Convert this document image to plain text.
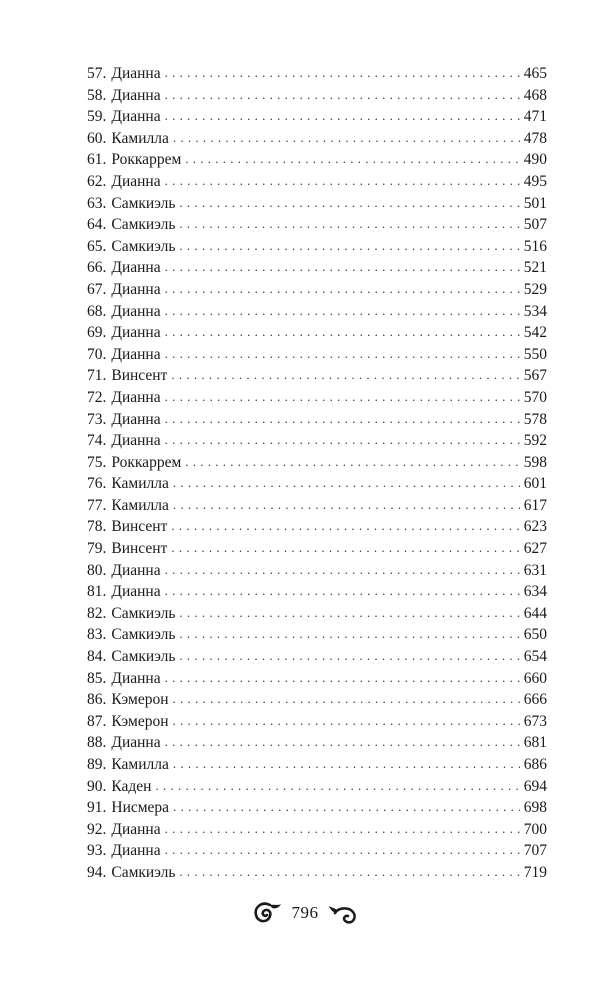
57. Дианна . . .	465
58. Дианна . . .	468
59. Дианна . . .	471
60. Камилла . . .	478
61. Роккаррем . . .	490
62. Дианна . . .	495
63. Самкиэль . . .	501
64. Самкиэль . . .	507
65. Самкиэль . . .	516
66. Дианна . . .	521
67. Дианна . . .	529
68. Дианна . . .	534
69. Дианна . . .	542
70. Дианна . . .	550
71. Винсент . . .	567
72. Дианна . . .	570
73. Дианна . . .	578
74. Дианна . . .	592
75. Роккаррем . . .	598
76. Камилла . . .	601
77. Камилла . . .	617
78. Винсент . . .	623
79. Винсент . . .	627
80. Дианна . . .	631
81. Дианна . . .	634
82. Самкиэль . . .	644
83. Самкиэль . . .	650
84. Самкиэль . . .	654
85. Дианна . . .	660
86. Кэмерон . . .	666
87. Кэмерон . . .	673
88. Дианна . . .	681
89. Камилла . . .	686
90. Каден . . .	694
91. Нисмера . . .	698
92. Дианна . . .	700
93. Дианна . . .	707
94. Самкиэль . . .	719
796
